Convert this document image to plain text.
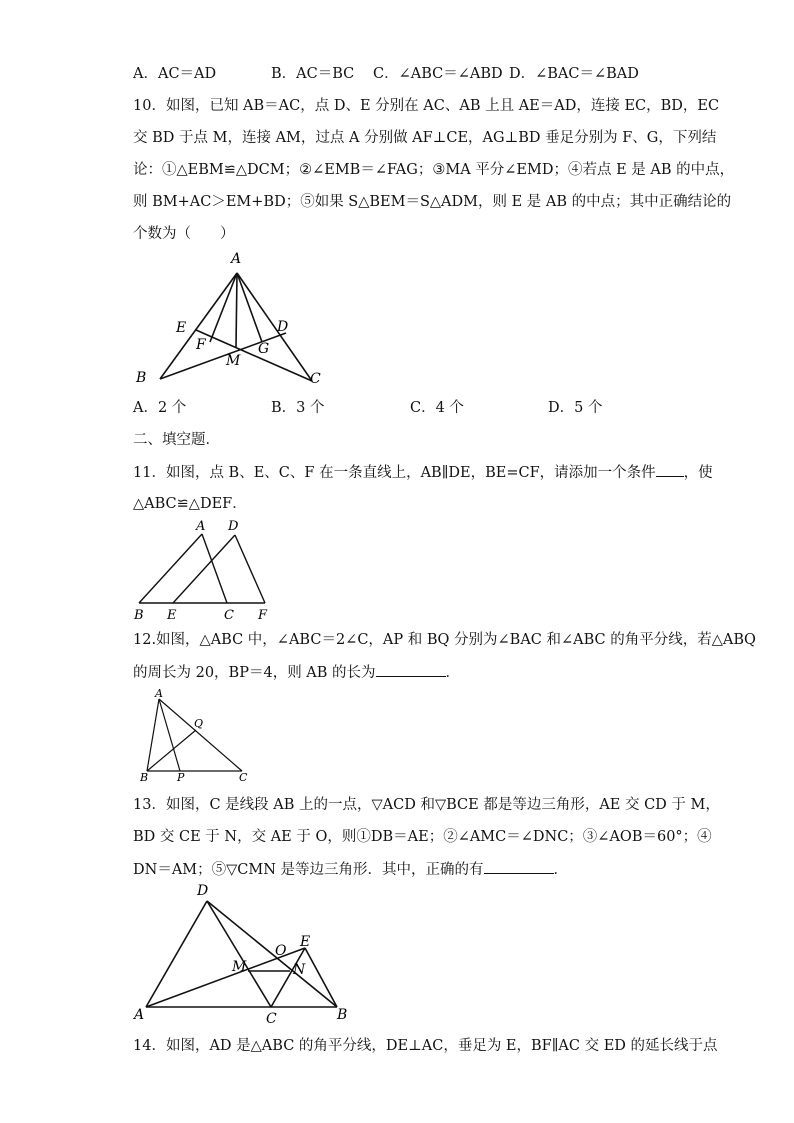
A．AC＝AD	B．AC＝BC C．∠ABC＝∠ABD D．∠BAC＝∠BAD
10．如图，已知 AB＝AC，点 D、E 分别在 AC、AB 上且 AE＝AD，连接 EC，BD，EC
交 BD 于点 M，连接 AM，过点 A 分别做 AF⊥CE，AG⊥BD 垂足分别为 F、G，下列结
论：①△EBM≌△DCM；②∠EMB＝∠FAG；③MA 平分∠EMD；④若点 E 是 AB 的中点，
则 BM+AC＞EM+BD；⑤如果 S△BEM＝S△ADM，则 E 是 AB 的中点；其中正确结论的
个数为（　　）
A
E	D
F	G
M
B	C
A．2 个	B．3 个	C．4 个	D．5 个
二、填空题．
11．如图，点 B、E、C、F 在一条直线上，AB∥DE，BE=CF，请添加一个条件 ，使
△ABC≌△DEF．
A D
B E	C F
12.如图，△ABC 中，∠ABC＝2∠C，AP 和 BQ 分别为∠BAC 和∠ABC 的角平分线，若△ABQ
的周长为 20，BP＝4，则 AB 的长为	．
A
Q
B	P	C
13．如图，C 是线段 AB 上的一点，▽ACD 和▽BCE 都是等边三角形，AE 交 CD 于 M，
BD 交 CE 于 N，交 AE 于 O，则①DB＝AE；②∠AMC＝∠DNC；③∠AOB＝60°；④
DN＝AM；⑤▽CMN 是等边三角形．其中，正确的有	．
D
O
E
M	N
A	C	B
14．如图，AD 是△ABC 的角平分线，DE⊥AC，垂足为 E，BF∥AC 交 ED 的延长线于点
